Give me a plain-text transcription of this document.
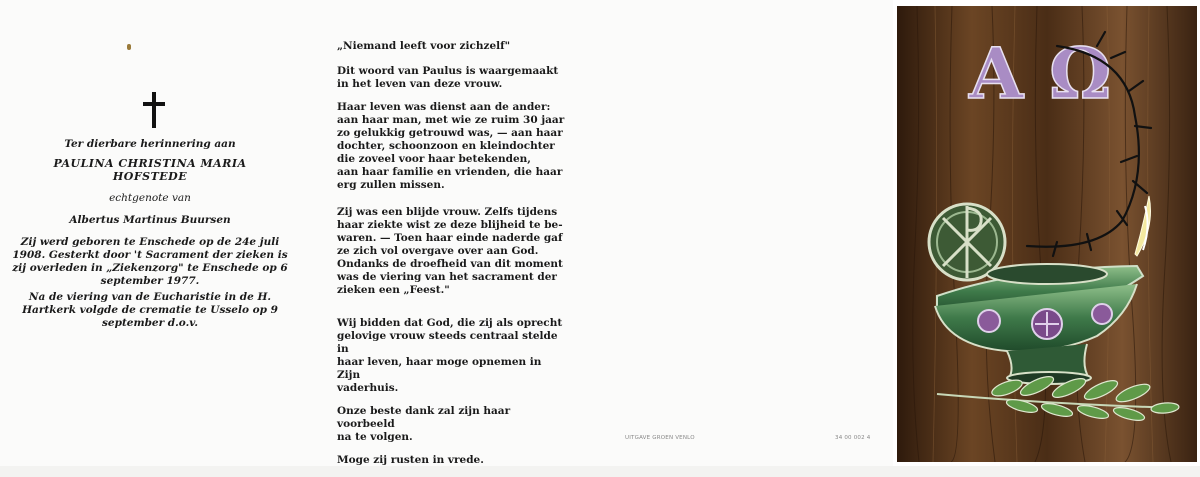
Ter dierbare herinnering aan

PAULINA CHRISTINA MARIA

HOFSTEDE

echtgenote van

Albertus Martinus Buursen

Zij werd geboren te Enschede op de 24e juli 1908. Gesterkt door 't Sacrament der zieken is zij overleden in „Ziekenzorg" te Enschede op 6 september 1977.

Na de viering van de Eucharistie in de H. Hartkerk volgde de crematie te Usselo op 9 september d.o.v.

„Niemand leeft voor zichzelf"

Dit woord van Paulus is waargemaakt
in het leven van deze vrouw.

Haar leven was dienst aan de ander:
aan haar man, met wie ze ruim 30 jaar
zo gelukkig getrouwd was, — aan haar
dochter, schoonzoon en kleindochter
die zoveel voor haar betekenden,
aan haar familie en vrienden, die haar
erg zullen missen.

Zij was een blijde vrouw. Zelfs tijdens
haar ziekte wist ze deze blijheid te be-
waren. — Toen haar einde naderde gaf
ze zich vol overgave over aan God.
Ondanks de droefheid van dit moment
was de viering van het sacrament der
zieken een „Feest."

Wij bidden dat God, die zij als oprecht
gelovige vrouw steeds centraal stelde in
haar leven, haar moge opnemen in Zijn
vaderhuis.

Onze beste dank zal zijn haar voorbeeld
na te volgen.

Moge zij rusten in vrede.

UITGAVE GROEN VENLO	34 00 002 4
A Ω
